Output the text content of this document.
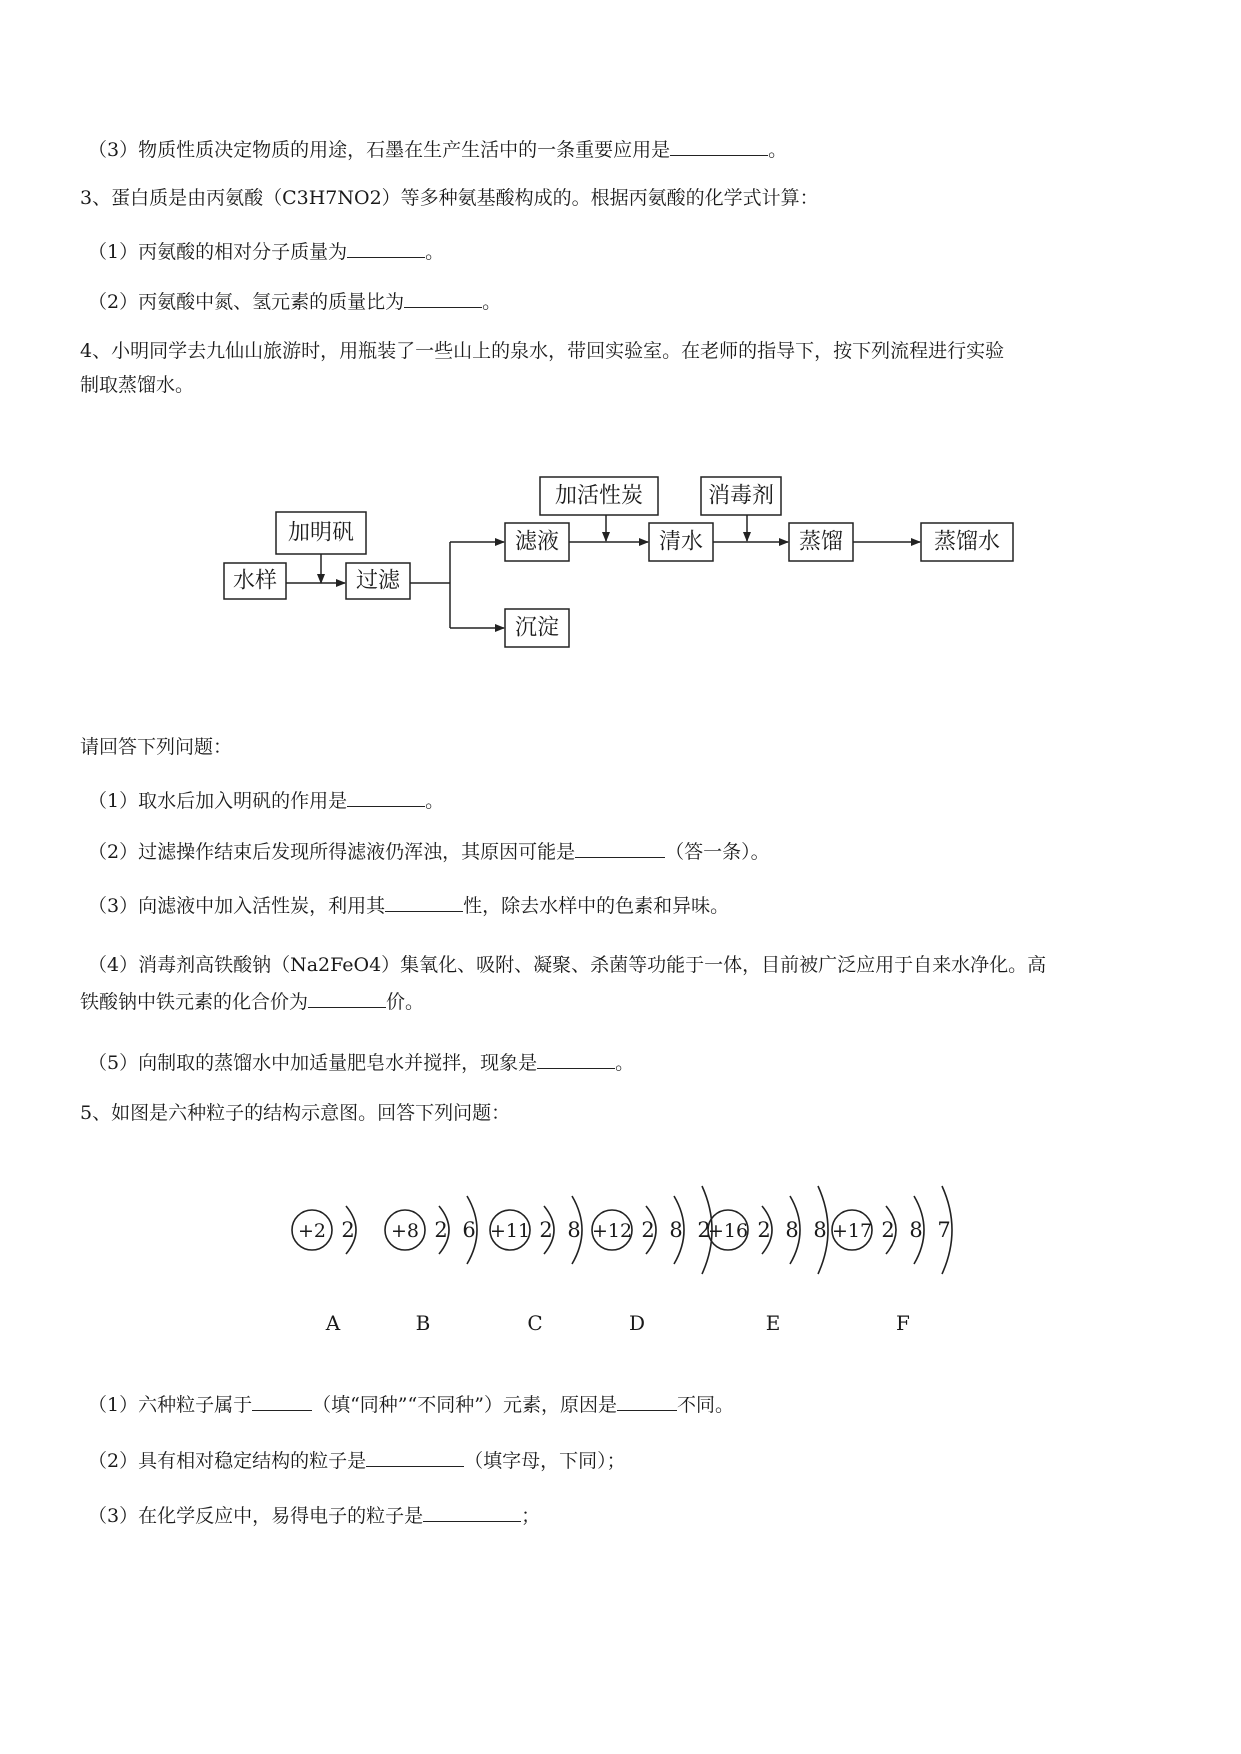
（3）物质性质决定物质的用途，石墨在生产生活中的一条重要应用是	。
3、蛋白质是由丙氨酸（C3H7NO2）等多种氨基酸构成的。根据丙氨酸的化学式计算：
（1）丙氨酸的相对分子质量为	。
（2）丙氨酸中氮、氢元素的质量比为	。
4、小明同学去九仙山旅游时，用瓶装了一些山上的泉水，带回实验室。在老师的指导下，按下列流程进行实验
制取蒸馏水。
加明矾
水样	过滤
滤液
沉淀
加活性炭
清水
消毒剂
蒸馏	蒸馏水
请回答下列问题：
（1）取水后加入明矾的作用是	。
（2）过滤操作结束后发现所得滤液仍浑浊，其原因可能是	（答一条）。
（3）向滤液中加入活性炭，利用其	性，除去水样中的色素和异味。
（4）消毒剂高铁酸钠（Na2FeO4）集氧化、吸附、凝聚、杀菌等功能于一体，目前被广泛应用于自来水净化。高
铁酸钠中铁元素的化合价为	价。
（5）向制取的蒸馏水中加适量肥皂水并搅拌，现象是	。
5、如图是六种粒子的结构示意图。回答下列问题：
+2 2
A
+8 2 6
B
+11 2 8
C
+12 2 8 2
D
+16 2 8 8
E
+17 2 8 7
F
（1）六种粒子属于	（填“同种”“不同种”）元素，原因是	不同。
（2）具有相对稳定结构的粒子是	（填字母，下同）；
（3）在化学反应中，易得电子的粒子是	；
